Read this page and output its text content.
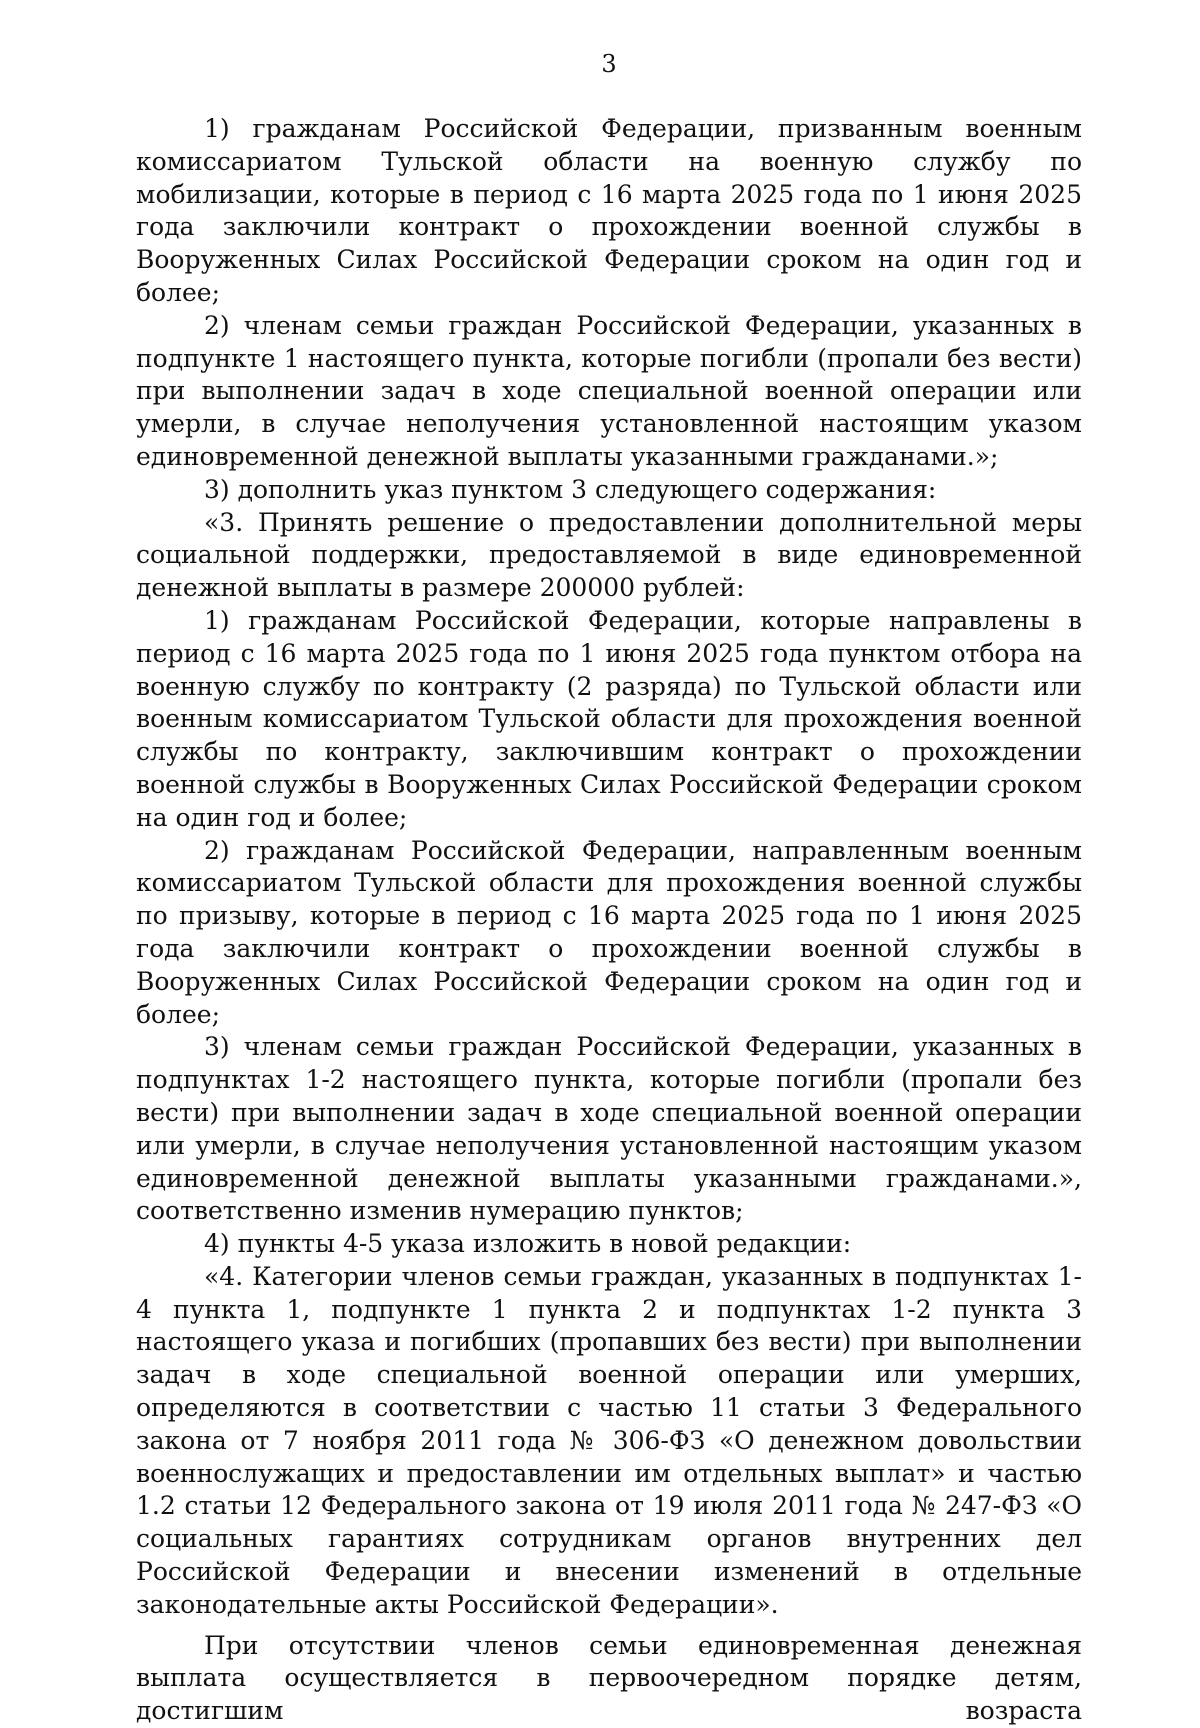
3

1) гражданам Российской Федерации, призванным военным комиссариатом Тульской области на военную службу по мобилизации, которые в период с 16 марта 2025 года по 1 июня 2025 года заключили контракт о прохождении военной службы в Вооруженных Силах Российской Федерации сроком на один год и более;

2) членам семьи граждан Российской Федерации, указанных в подпункте 1 настоящего пункта, которые погибли (пропали без вести) при выполнении задач в ходе специальной военной операции или умерли, в случае неполучения установленной настоящим указом единовременной денежной выплаты указанными гражданами.»;

3) дополнить указ пунктом 3 следующего содержания:

«3. Принять решение о предоставлении дополнительной меры социальной поддержки, предоставляемой в виде единовременной денежной выплаты в размере 200000 рублей:

1) гражданам Российской Федерации, которые направлены в период с 16 марта 2025 года по 1 июня 2025 года пунктом отбора на военную службу по контракту (2 разряда) по Тульской области или военным комиссариатом Тульской области для прохождения военной службы по контракту, заключившим контракт о прохождении военной службы в Вооруженных Силах Российской Федерации сроком на один год и более;

2) гражданам Российской Федерации, направленным военным комиссариатом Тульской области для прохождения военной службы по призыву, которые в период с 16 марта 2025 года по 1 июня 2025 года заключили контракт о прохождении военной службы в Вооруженных Силах Российской Федерации сроком на один год и более;

3) членам семьи граждан Российской Федерации, указанных в подпунктах 1-2 настоящего пункта, которые погибли (пропали без вести) при выполнении задач в ходе специальной военной операции или умерли, в случае неполучения установленной настоящим указом единовременной денежной выплаты указанными гражданами.», соответственно изменив нумерацию пунктов;

4) пункты 4-5 указа изложить в новой редакции:

«4. Категории членов семьи граждан, указанных в подпунктах 1-4 пункта 1, подпункте 1 пункта 2 и подпунктах 1-2 пункта 3 настоящего указа и погибших (пропавших без вести) при выполнении задач в ходе специальной военной операции или умерших, определяются в соответствии с частью 11 статьи 3 Федерального закона от 7 ноября 2011 года № 306-ФЗ «О денежном довольствии военнослужащих и предоставлении им отдельных выплат» и частью 1.2 статьи 12 Федерального закона от 19 июля 2011 года № 247-ФЗ «О социальных гарантиях сотрудникам органов внутренних дел Российской Федерации и внесении изменений в отдельные законодательные акты Российской Федерации».

При отсутствии членов семьи единовременная денежная выплата осуществляется в первоочередном порядке детям, достигшим возраста
